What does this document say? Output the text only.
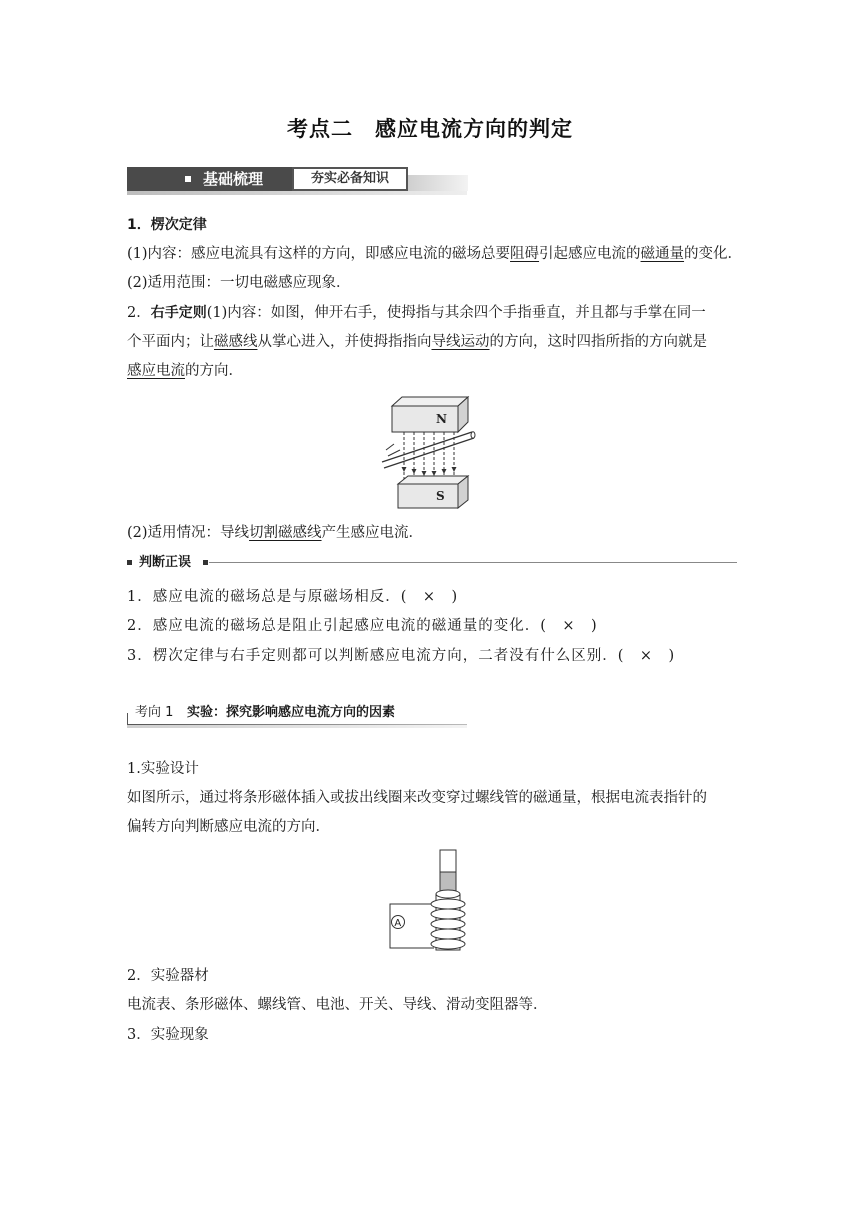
考点二 感应电流方向的判定
基础梳理	夯实必备知识
1．楞次定律
(1)内容：感应电流具有这样的方向，即感应电流的磁场总要阻碍引起感应电流的磁通量的变化．
(2)适用范围：一切电磁感应现象．
2．右手定则(1)内容：如图，伸开右手，使拇指与其余四个手指垂直，并且都与手掌在同一
个平面内；让磁感线从掌心进入，并使拇指指向导线运动的方向，这时四指所指的方向就是
感应电流的方向．
N
S
(2)适用情况：导线切割磁感线产生感应电流．
判断正误
1．感应电流的磁场总是与原磁场相反．(　×　)
2．感应电流的磁场总是阻止引起感应电流的磁通量的变化．(　×　)
3．楞次定律与右手定则都可以判断感应电流方向，二者没有什么区别．(　×　)
考向 1 实验：探究影响感应电流方向的因素
1.实验设计
如图所示，通过将条形磁体插入或拔出线圈来改变穿过螺线管的磁通量，根据电流表指针的
偏转方向判断感应电流的方向．
A
2．实验器材
电流表、条形磁体、螺线管、电池、开关、导线、滑动变阻器等．
3．实验现象
